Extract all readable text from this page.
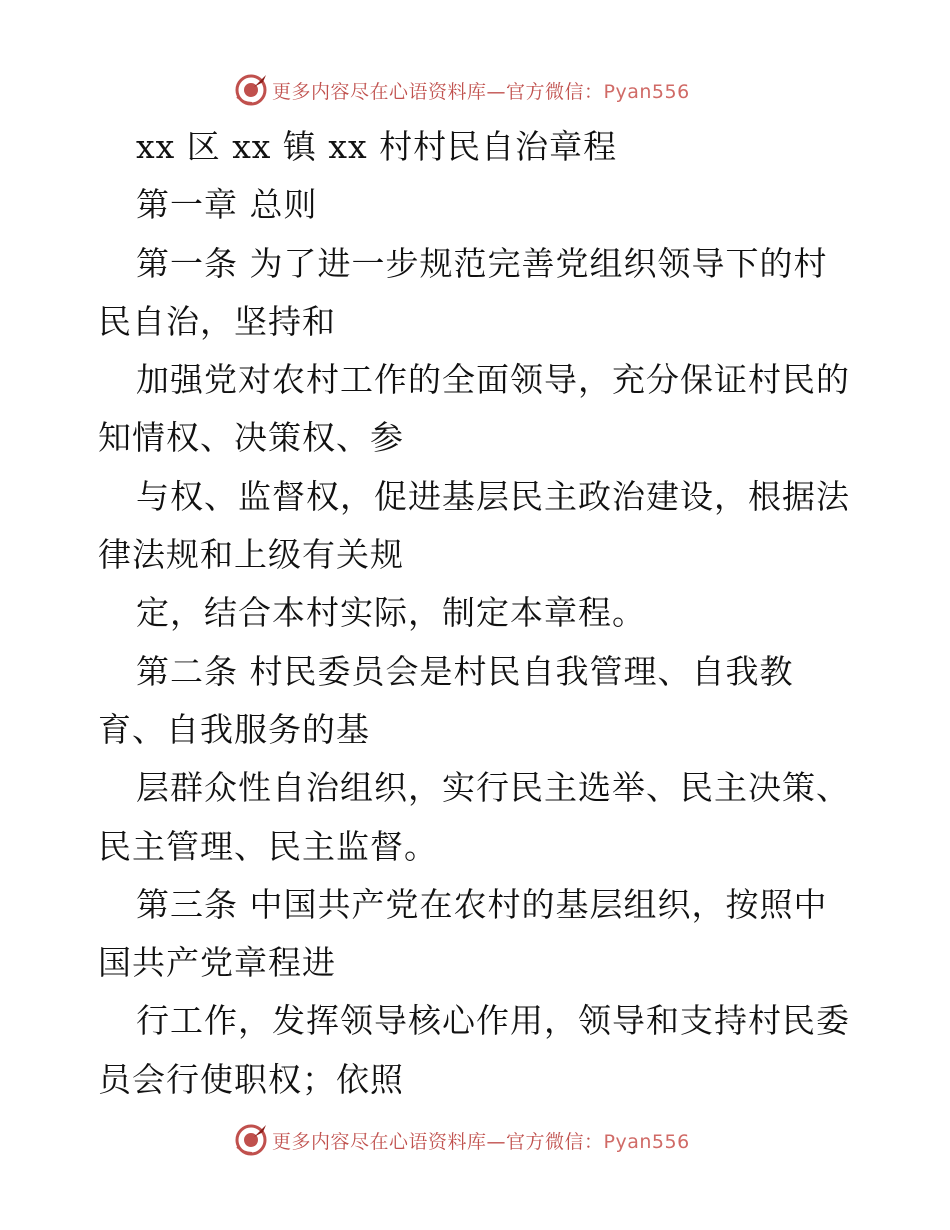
更多内容尽在心语资料库—官方微信：Pyan556
xx 区 xx 镇 xx 村村民自治章程
第一章 总则
第一条 为了进一步规范完善党组织领导下的村
民自治，坚持和
加强党对农村工作的全面领导，充分保证村民的
知情权、决策权、参
与权、监督权，促进基层民主政治建设，根据法
律法规和上级有关规
定，结合本村实际，制定本章程。
第二条 村民委员会是村民自我管理、自我教
育、自我服务的基
层群众性自治组织，实行民主选举、民主决策、
民主管理、民主监督。
第三条 中国共产党在农村的基层组织，按照中
国共产党章程进
行工作，发挥领导核心作用，领导和支持村民委
员会行使职权；依照
更多内容尽在心语资料库—官方微信：Pyan556
